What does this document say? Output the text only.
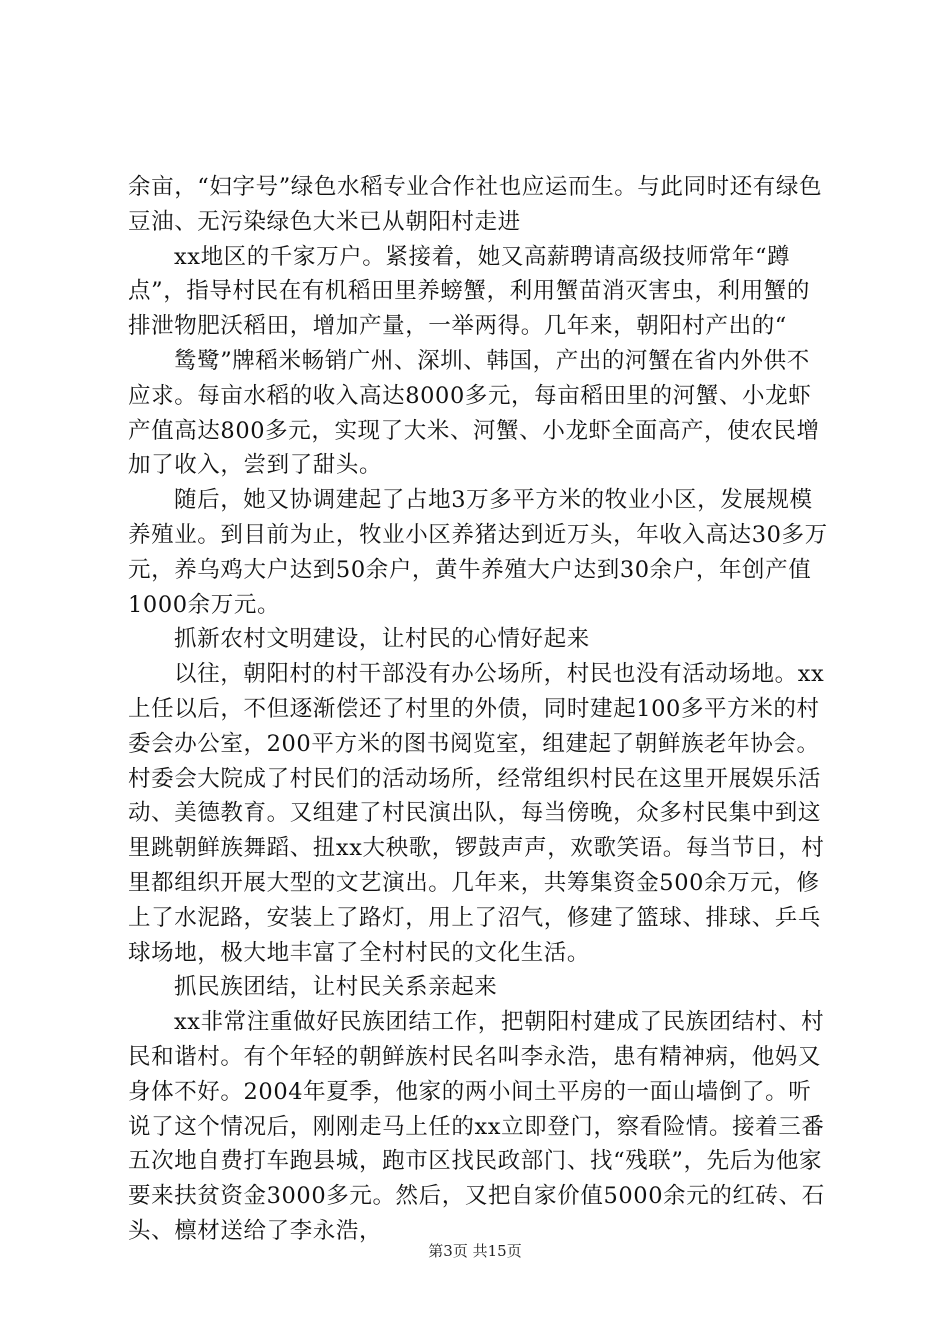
余亩，“妇字号”绿色水稻专业合作社也应运而生。与此同时还有绿色豆油、无污染绿色大米已从朝阳村走进

xx地区的千家万户。紧接着，她又高薪聘请高级技师常年“蹲点”，指导村民在有机稻田里养螃蟹，利用蟹苗消灭害虫，利用蟹的排泄物肥沃稻田，增加产量，一举两得。几年来，朝阳村产出的“

鸶鹭”牌稻米畅销广州、深圳、韩国，产出的河蟹在省内外供不应求。每亩水稻的收入高达8000多元，每亩稻田里的河蟹、小龙虾产值高达800多元，实现了大米、河蟹、小龙虾全面高产，使农民增加了收入，尝到了甜头。

随后，她又协调建起了占地3万多平方米的牧业小区，发展规模养殖业。到目前为止，牧业小区养猪达到近万头，年收入高达30多万元，养乌鸡大户达到50余户，黄牛养殖大户达到30余户，年创产值1000余万元。

抓新农村文明建设，让村民的心情好起来

以往，朝阳村的村干部没有办公场所，村民也没有活动场地。xx上任以后，不但逐渐偿还了村里的外债，同时建起100多平方米的村委会办公室，200平方米的图书阅览室，组建起了朝鲜族老年协会。村委会大院成了村民们的活动场所，经常组织村民在这里开展娱乐活动、美德教育。又组建了村民演出队，每当傍晚，众多村民集中到这里跳朝鲜族舞蹈、扭xx大秧歌，锣鼓声声，欢歌笑语。每当节日，村里都组织开展大型的文艺演出。几年来，共筹集资金500余万元，修上了水泥路，安装上了路灯，用上了沼气，修建了篮球、排球、乒乓球场地，极大地丰富了全村村民的文化生活。

抓民族团结，让村民关系亲起来

xx非常注重做好民族团结工作，把朝阳村建成了民族团结村、村民和谐村。有个年轻的朝鲜族村民名叫李永浩，患有精神病，他妈又身体不好。2004年夏季，他家的两小间土平房的一面山墙倒了。听说了这个情况后，刚刚走马上任的xx立即登门，察看险情。接着三番五次地自费打车跑县城，跑市区找民政部门、找“残联”，先后为他家要来扶贫资金3000多元。然后，又把自家价值5000余元的红砖、石头、檩材送给了李永浩，

第3页 共15页
